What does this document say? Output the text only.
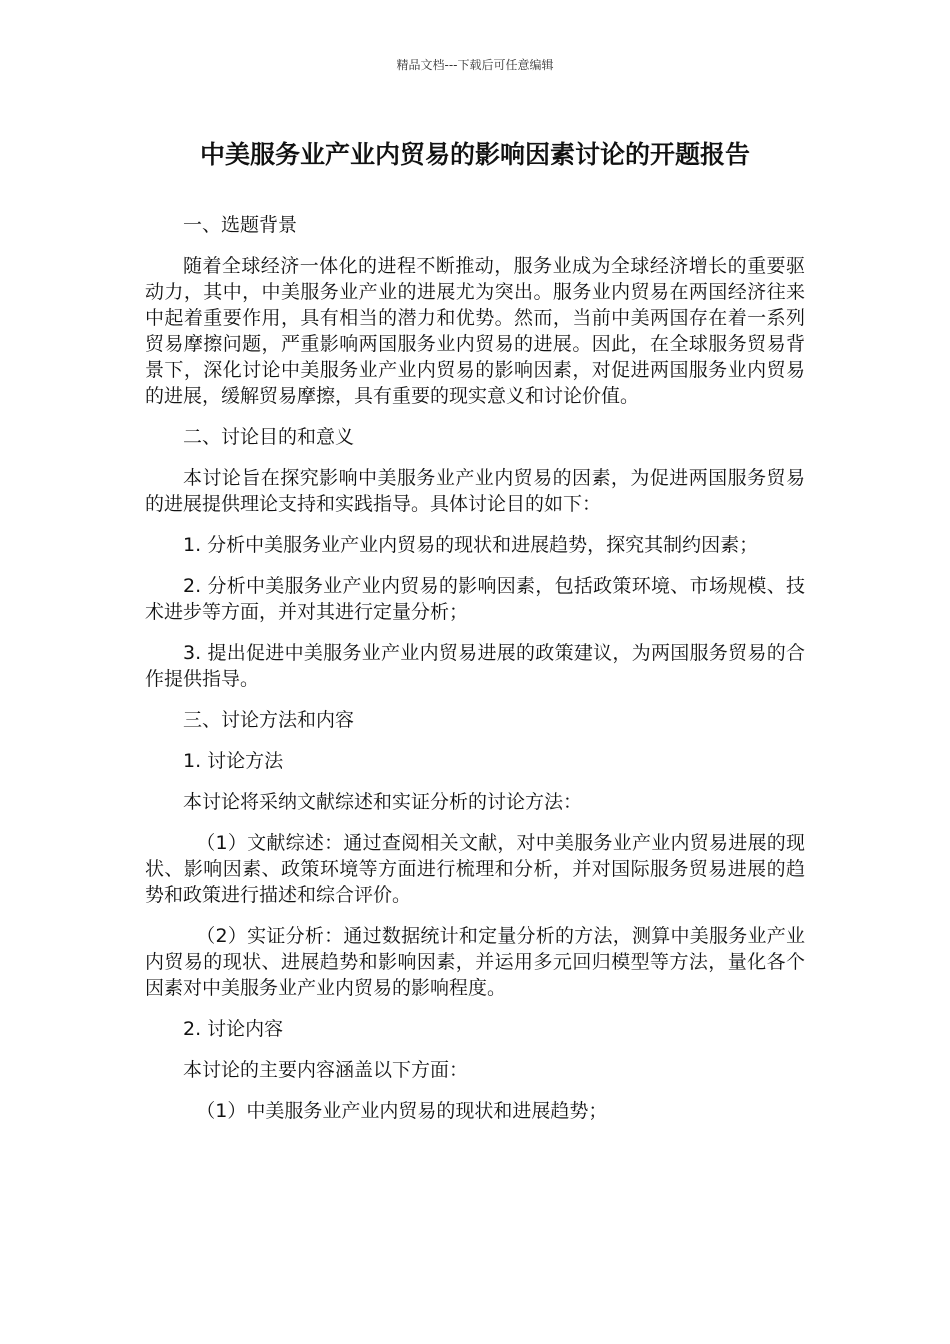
精品文档---下载后可任意编辑
中美服务业产业内贸易的影响因素讨论的开题报告

一、选题背景

随着全球经济一体化的进程不断推动，服务业成为全球经济增长的重要驱动力，其中，中美服务业产业的进展尤为突出。服务业内贸易在两国经济往来中起着重要作用，具有相当的潜力和优势。然而，当前中美两国存在着一系列贸易摩擦问题，严重影响两国服务业内贸易的进展。因此，在全球服务贸易背景下，深化讨论中美服务业产业内贸易的影响因素，对促进两国服务业内贸易的进展，缓解贸易摩擦，具有重要的现实意义和讨论价值。

二、讨论目的和意义

本讨论旨在探究影响中美服务业产业内贸易的因素，为促进两国服务贸易的进展提供理论支持和实践指导。具体讨论目的如下：

1. 分析中美服务业产业内贸易的现状和进展趋势，探究其制约因素；

2. 分析中美服务业产业内贸易的影响因素，包括政策环境、市场规模、技术进步等方面，并对其进行定量分析；

3. 提出促进中美服务业产业内贸易进展的政策建议，为两国服务贸易的合作提供指导。

三、讨论方法和内容

1. 讨论方法

本讨论将采纳文献综述和实证分析的讨论方法：

（1）文献综述：通过查阅相关文献，对中美服务业产业内贸易进展的现状、影响因素、政策环境等方面进行梳理和分析，并对国际服务贸易进展的趋势和政策进行描述和综合评价。

（2）实证分析：通过数据统计和定量分析的方法，测算中美服务业产业内贸易的现状、进展趋势和影响因素，并运用多元回归模型等方法，量化各个因素对中美服务业产业内贸易的影响程度。

2. 讨论内容

本讨论的主要内容涵盖以下方面：

（1）中美服务业产业内贸易的现状和进展趋势；
